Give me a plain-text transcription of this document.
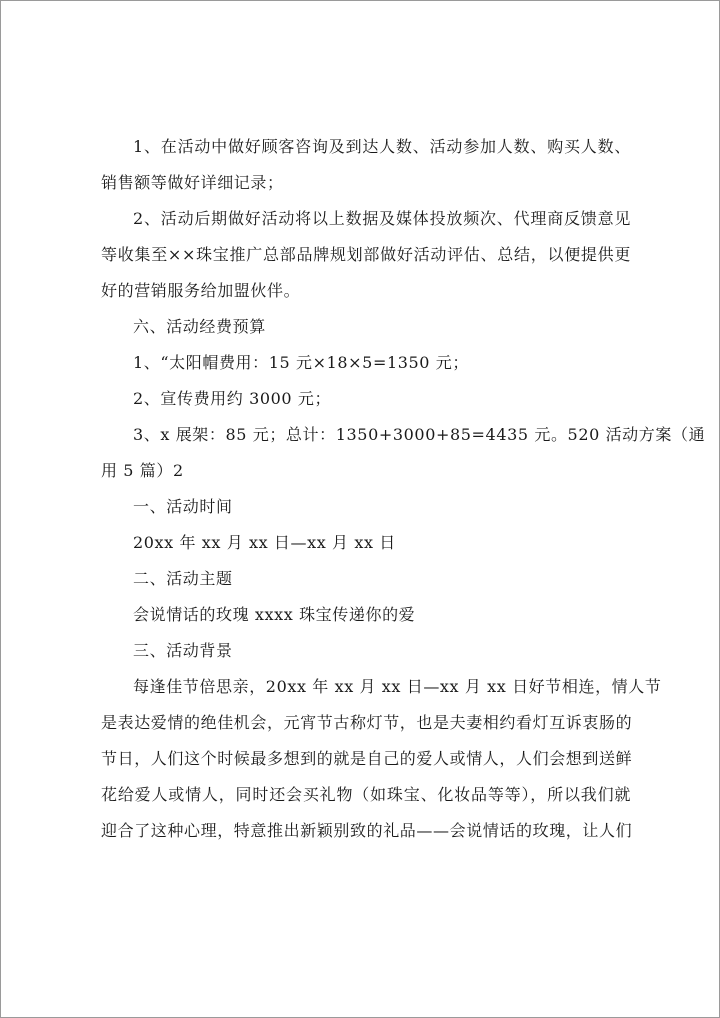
1、在活动中做好顾客咨询及到达人数、活动参加人数、购买人数、
销售额等做好详细记录；
2、活动后期做好活动将以上数据及媒体投放频次、代理商反馈意见
等收集至××珠宝推广总部品牌规划部做好活动评估、总结，以便提供更
好的营销服务给加盟伙伴。
六、活动经费预算
1、“太阳帽费用：15 元×18×5=1350 元；
2、宣传费用约 3000 元；
3、x 展架：85 元；总计：1350+3000+85=4435 元。520 活动方案（通
用 5 篇）2
一、活动时间
20xx 年 xx 月 xx 日—xx 月 xx 日
二、活动主题
会说情话的玫瑰 xxxx 珠宝传递你的爱
三、活动背景
每逢佳节倍思亲，20xx 年 xx 月 xx 日—xx 月 xx 日好节相连，情人节
是表达爱情的绝佳机会，元宵节古称灯节，也是夫妻相约看灯互诉衷肠的
节日，人们这个时候最多想到的就是自己的爱人或情人，人们会想到送鲜
花给爱人或情人，同时还会买礼物（如珠宝、化妆品等等），所以我们就
迎合了这种心理，特意推出新颖别致的礼品——会说情话的玫瑰，让人们
